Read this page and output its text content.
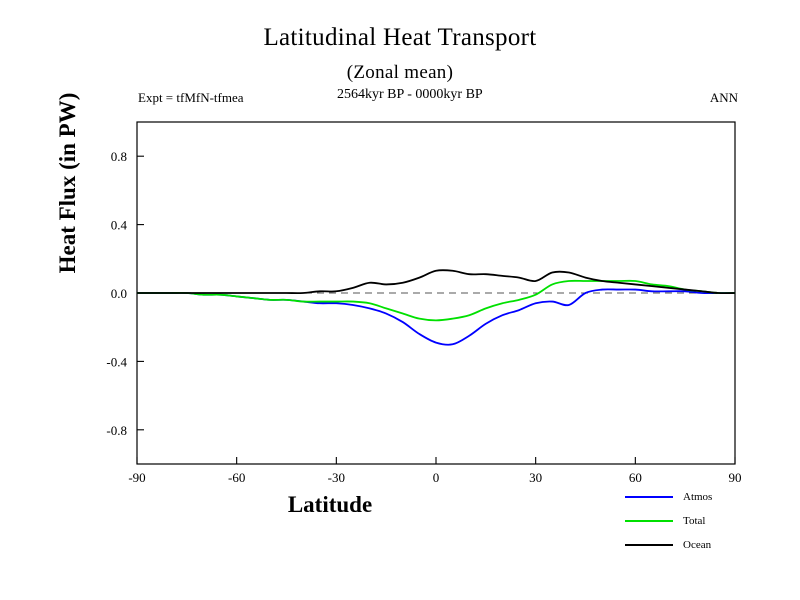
Latitudinal Heat Transport
(Zonal mean)
Expt = tfMfN-tfmea	2564kyr BP - 0000kyr BP	ANN
Heat Flux (in PW)
Latitude
-90	-60	-30	0	30	60	90
-0.8
-0.4
0.0
0.4
0.8
Atmos
Total
Ocean
